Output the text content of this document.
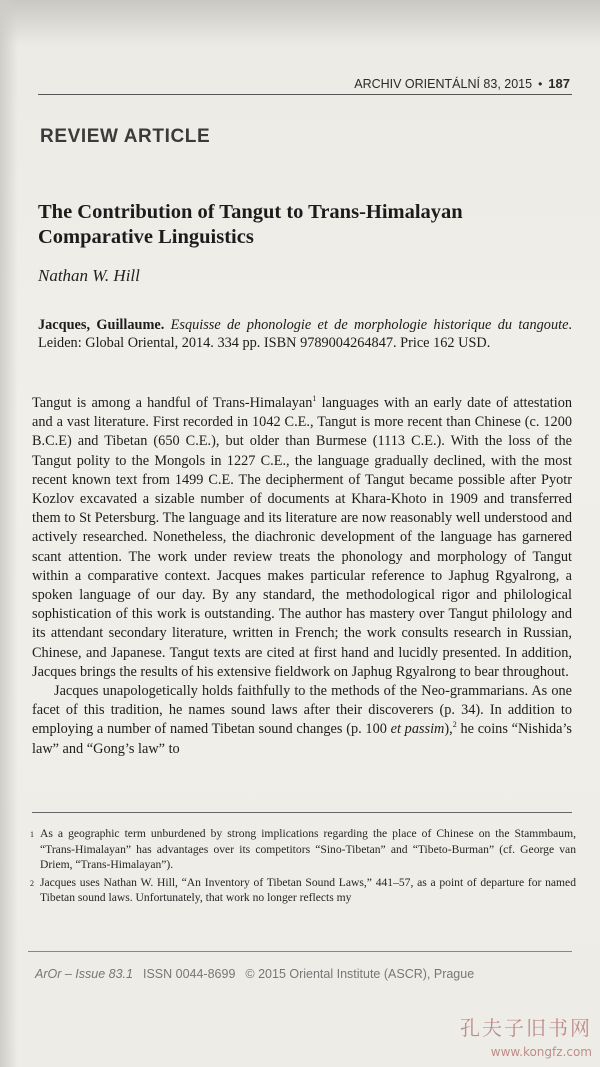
ARCHIV ORIENTÁLNÍ 83, 2015 • 187
REVIEW ARTICLE
The Contribution of Tangut to Trans-Himalayan
Comparative Linguistics
Nathan W. Hill
Jacques, Guillaume. Esquisse de phonologie et de morphologie historique du tangoute. Leiden: Global Oriental, 2014. 334 pp. ISBN 9789004264847. Price 162 USD.

Tangut is among a handful of Trans-Himalayan$^1$ languages with an early date of attestation and a vast literature. First recorded in 1042 C.E., Tangut is more recent than Chinese (c. 1200 B.C.E) and Tibetan (650 C.E.), but older than Burmese (1113 C.E.). With the loss of the Tangut polity to the Mongols in 1227 C.E., the language gradually declined, with the most recent known text from 1499 C.E. The decipherment of Tangut became possible after Pyotr Kozlov excavated a sizable number of documents at Khara-Khoto in 1909 and transferred them to St Petersburg. The language and its literature are now reasonably well understood and actively researched. Nonetheless, the diachronic development of the language has garnered scant attention. The work under review treats the phonology and morphology of Tangut within a comparative context. Jacques makes particular reference to Japhug Rgyalrong, a spoken language of our day. By any standard, the methodological rigor and philological sophistication of this work is outstanding. The author has mastery over Tangut philology and its attendant secondary literature, written in French; the work consults research in Russian, Chinese, and Japanese. Tangut texts are cited at first hand and lucidly presented. In addition, Jacques brings the results of his extensive fieldwork on Japhug Rgyalrong to bear throughout.

Jacques unapologetically holds faithfully to the methods of the Neo-grammarians. As one facet of this tradition, he names sound laws after their discoverers (p. 34). In addition to employing a number of named Tibetan sound changes (p. 100 et passim),$^2$ he coins “Nishida’s law” and “Gong’s law” to

1 As a geographic term unburdened by strong implications regarding the place of Chinese on the Stammbaum, “Trans-Himalayan” has advantages over its competitors “Sino-Tibetan” and “Tibeto-Burman” (cf. George van Driem, “Trans-Himalayan”).
2 Jacques uses Nathan W. Hill, “An Inventory of Tibetan Sound Laws,” 441–57, as a point of departure for named Tibetan sound laws. Unfortunately, that work no longer reflects my
ArOr – Issue 83.1 ISSN 0044-8699 © 2015 Oriental Institute (ASCR), Prague
孔夫子旧书网
www.kongfz.com
